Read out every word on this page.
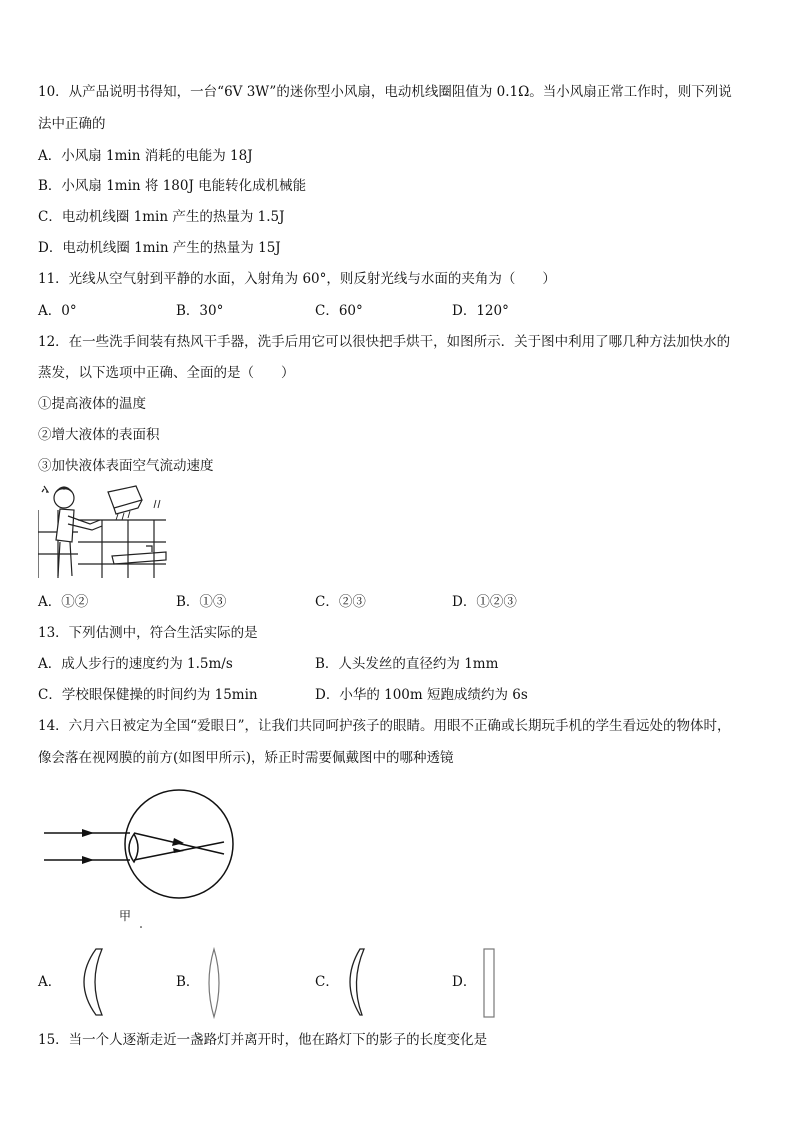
10．从产品说明书得知，一台“6V 3W”的迷你型小风扇，电动机线圈阻值为 0.1Ω。当小风扇正常工作时，则下列说
法中正确的
A．小风扇 1min 消耗的电能为 18J
B．小风扇 1min 将 180J 电能转化成机械能
C．电动机线圈 1min 产生的热量为 1.5J
D．电动机线圈 1min 产生的热量为 15J
11．光线从空气射到平静的水面，入射角为 60°，则反射光线与水面的夹角为（　　）
A．0°	B．30°	C．60°	D．120°
12．在一些洗手间装有热风干手器，洗手后用它可以很快把手烘干，如图所示．关于图中利用了哪几种方法加快水的
蒸发，以下选项中正确、全面的是（　　）
①提高液体的温度
②增大液体的表面积
③加快液体表面空气流动速度
A．①②	B．①③	C．②③	D．①②③
13．下列估测中，符合生活实际的是
A．成人步行的速度约为 1.5m/s	B．人头发丝的直径约为 1mm
C．学校眼保健操的时间约为 15min	D．小华的 100m 短跑成绩约为 6s
14．六月六日被定为全国“爱眼日”，让我们共同呵护孩子的眼睛。用眼不正确或长期玩手机的学生看远处的物体时，
像会落在视网膜的前方(如图甲所示)，矫正时需要佩戴图中的哪种透镜
甲
A．	B．	C．	D．
15．当一个人逐渐走近一盏路灯并离开时，他在路灯下的影子的长度变化是
